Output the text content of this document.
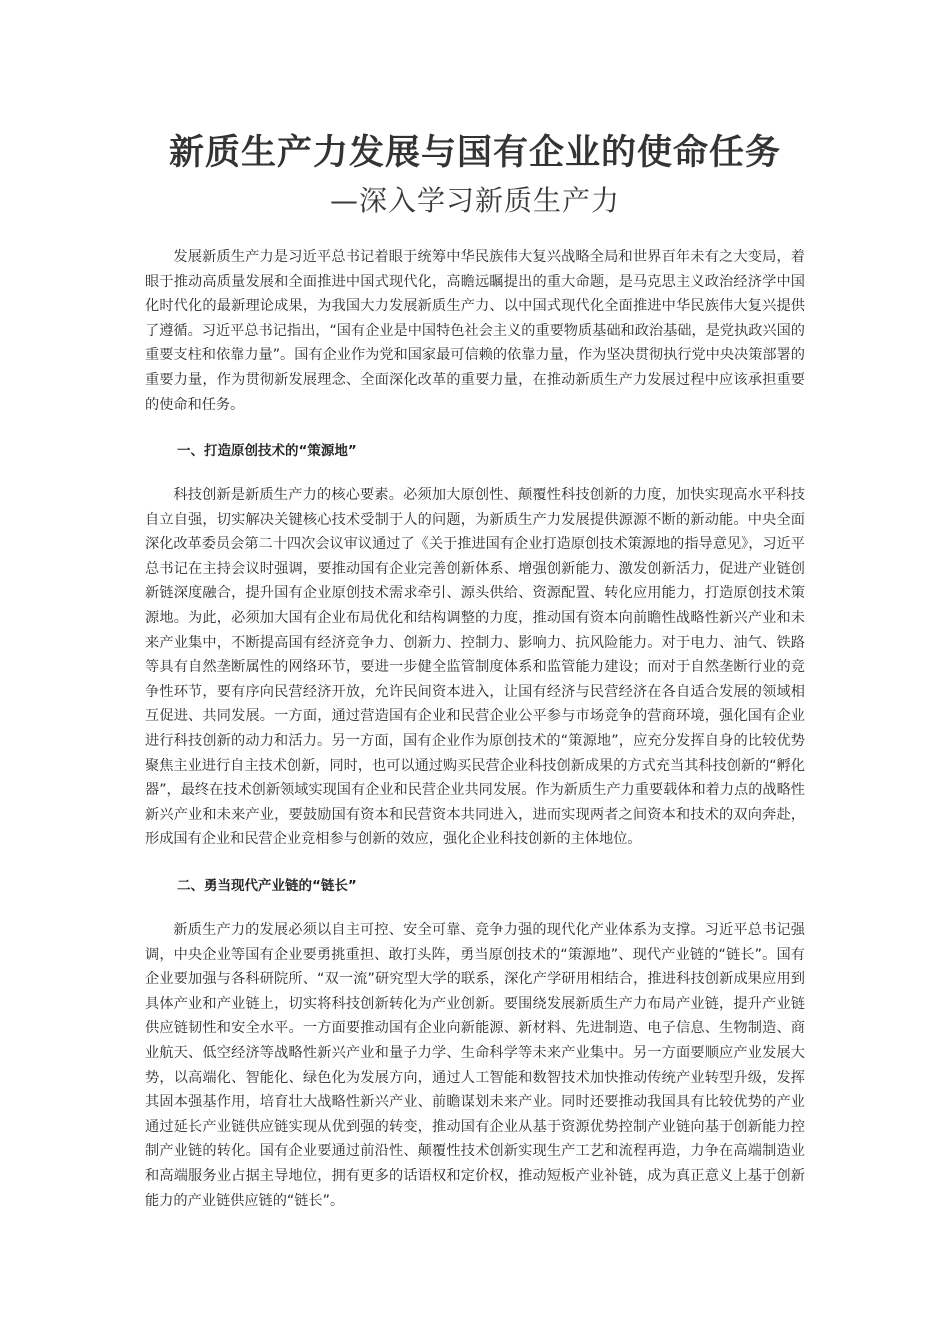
新质生产力发展与国有企业的使命任务
—深入学习新质生产力

发展新质生产力是习近平总书记着眼于统筹中华民族伟大复兴战略全局和世界百年未有之大变局，着眼于推动高质量发展和全面推进中国式现代化，高瞻远瞩提出的重大命题，是马克思主义政治经济学中国化时代化的最新理论成果，为我国大力发展新质生产力、以中国式现代化全面推进中华民族伟大复兴提供了遵循。习近平总书记指出，“国有企业是中国特色社会主义的重要物质基础和政治基础，是党执政兴国的重要支柱和依靠力量”。国有企业作为党和国家最可信赖的依靠力量，作为坚决贯彻执行党中央决策部署的重要力量，作为贯彻新发展理念、全面深化改革的重要力量，在推动新质生产力发展过程中应该承担重要的使命和任务。

一、打造原创技术的“策源地”

科技创新是新质生产力的核心要素。必须加大原创性、颠覆性科技创新的力度，加快实现高水平科技自立自强，切实解决关键核心技术受制于人的问题，为新质生产力发展提供源源不断的新动能。中央全面深化改革委员会第二十四次会议审议通过了《关于推进国有企业打造原创技术策源地的指导意见》，习近平总书记在主持会议时强调，要推动国有企业完善创新体系、增强创新能力、激发创新活力，促进产业链创新链深度融合，提升国有企业原创技术需求牵引、源头供给、资源配置、转化应用能力，打造原创技术策源地。为此，必须加大国有企业布局优化和结构调整的力度，推动国有资本向前瞻性战略性新兴产业和未来产业集中，不断提高国有经济竞争力、创新力、控制力、影响力、抗风险能力。对于电力、油气、铁路等具有自然垄断属性的网络环节，要进一步健全监管制度体系和监管能力建设；而对于自然垄断行业的竞争性环节，要有序向民营经济开放，允许民间资本进入，让国有经济与民营经济在各自适合发展的领域相互促进、共同发展。一方面，通过营造国有企业和民营企业公平参与市场竞争的营商环境，强化国有企业进行科技创新的动力和活力。另一方面，国有企业作为原创技术的“策源地”，应充分发挥自身的比较优势聚焦主业进行自主技术创新，同时，也可以通过购买民营企业科技创新成果的方式充当其科技创新的“孵化器”，最终在技术创新领域实现国有企业和民营企业共同发展。作为新质生产力重要载体和着力点的战略性新兴产业和未来产业，要鼓励国有资本和民营资本共同进入，进而实现两者之间资本和技术的双向奔赴，形成国有企业和民营企业竞相参与创新的效应，强化企业科技创新的主体地位。

二、勇当现代产业链的“链长”

新质生产力的发展必须以自主可控、安全可靠、竞争力强的现代化产业体系为支撑。习近平总书记强调，中央企业等国有企业要勇挑重担、敢打头阵，勇当原创技术的“策源地”、现代产业链的“链长”。国有企业要加强与各科研院所、“双一流”研究型大学的联系，深化产学研用相结合，推进科技创新成果应用到具体产业和产业链上，切实将科技创新转化为产业创新。要围绕发展新质生产力布局产业链，提升产业链供应链韧性和安全水平。一方面要推动国有企业向新能源、新材料、先进制造、电子信息、生物制造、商业航天、低空经济等战略性新兴产业和量子力学、生命科学等未来产业集中。另一方面要顺应产业发展大势，以高端化、智能化、绿色化为发展方向，通过人工智能和数智技术加快推动传统产业转型升级，发挥其固本强基作用，培育壮大战略性新兴产业、前瞻谋划未来产业。同时还要推动我国具有比较优势的产业通过延长产业链供应链实现从优到强的转变，推动国有企业从基于资源优势控制产业链向基于创新能力控制产业链的转化。国有企业要通过前沿性、颠覆性技术创新实现生产工艺和流程再造，力争在高端制造业和高端服务业占据主导地位，拥有更多的话语权和定价权，推动短板产业补链，成为真正意义上基于创新能力的产业链供应链的“链长”。
